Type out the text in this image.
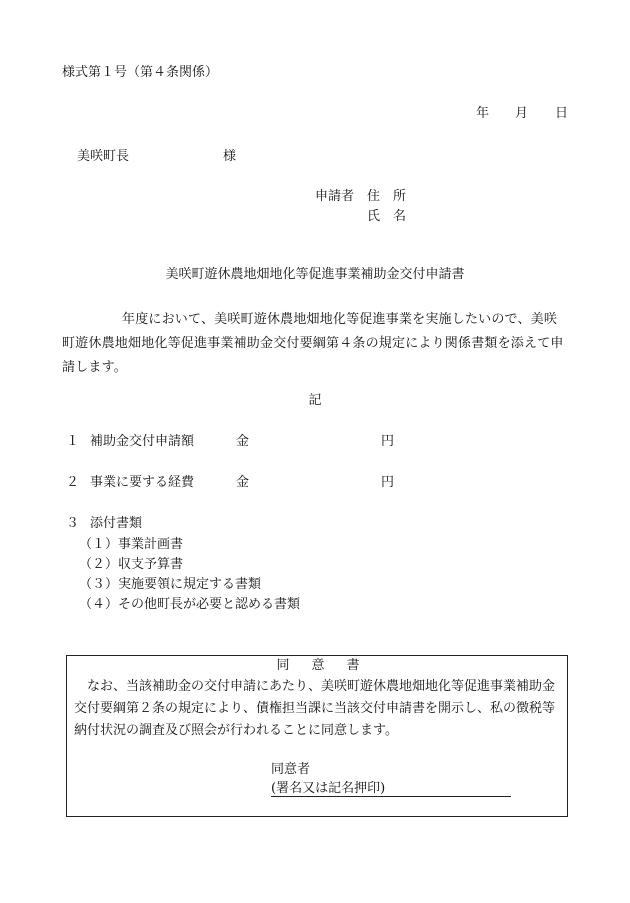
様式第１号（第４条関係）
年 月 日
美咲町長	様
申請者 住　所
氏　名
美咲町遊休農地畑地化等促進事業補助金交付申請書
年度において、美咲町遊休農地畑地化等促進事業を実施したいので、美咲町遊休農地畑地化等促進事業補助金交付要綱第４条の規定により関係書類を添えて申請します。
記
１ 補助金交付申請額	金	円
２ 事業に要する経費	金	円
３ 添付書類
（１）事業計画書
（２）収支予算書
（３）実施要領に規定する書類
（４）その他町長が必要と認める書類
同意書
なお、当該補助金の交付申請にあたり、美咲町遊休農地畑地化等促進事業補助金交付要綱第２条の規定により、債権担当課に当該交付申請書を開示し、私の徴税等納付状況の調査及び照会が行われることに同意します。
同意者
(署名又は記名押印)
